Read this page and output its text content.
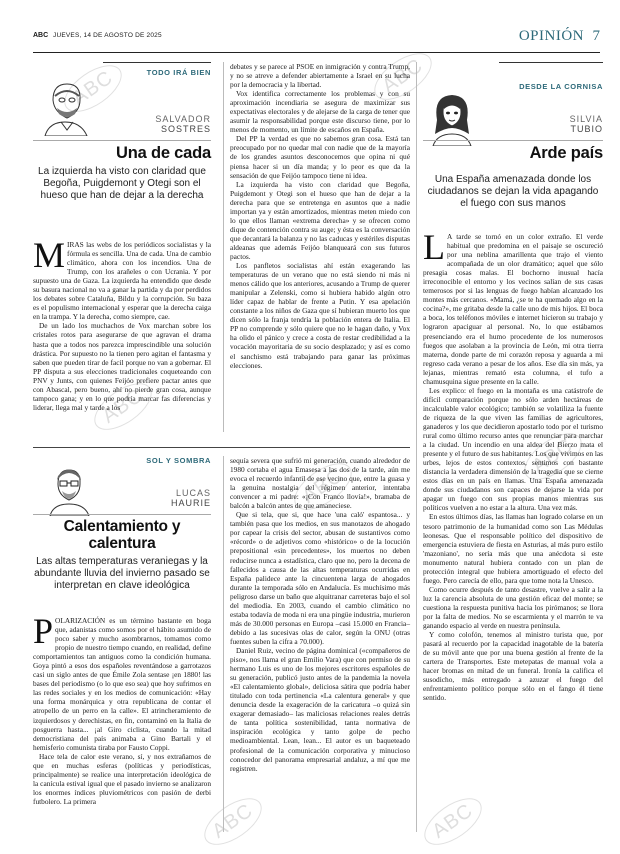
ABC	ABC
ABC
ABC
ABC
ABC	ABC
ABC JUEVES, 14 DE AGOSTO DE 2025	OPINIÓN 7
TODO IRÁ BIEN
SALVADOR
SOSTRES
Una de cada
La izquierda ha visto con claridad que Begoña, Puigdemont y Otegi son el hueso que han de dejar a la derecha

MIRAS las webs de los periódicos socialistas y la fórmula es sencilla. Una de cada. Una de cambio climático, ahora con los incendios. Una de Trump, con los arañeles o con Ucrania. Y por supuesto una de Gaza. La izquierda ha entendido que desde su basura nacional no va a ganar la partida y da por perdidos los debates sobre Cataluña, Bildu y la corrupción. Su baza es el populismo internacional y esperar que la derecha caiga en la trampa. Y la derecha, como siempre, cae.

De un lado los muchachos de Vox marchan sobre los cristales rotos para asegurarse de que agravan el drama hasta que a todos nos parezca imprescindible una solución drástica. Por supuesto no la tienen pero agitan el fantasma y saben que pueden tirar de facil porque no van a gobernar. El PP disputa a sus elecciones tradicionales coqueteando con PNV y Junts, con quienes Feijóo prefiere pactar antes que con Abascal, pero bueno, ahí no pierde gran cosa, aunque tampoco gana; y en lo que podría marcar fas diferencias y liderar, llega mal y tarde a los

debates y se parece al PSOE en inmigración y contra Trump, y no se atreve a defender abiertamente a Israel en su lucha por la democracia y la libertad.

Vox identifica correctamente los problemas y con su aproximación incendiaria se asegura de maximizar sus expectativas electorales y de alejarse de la carga de tener que asumir la responsabilidad porque este discurso tiene, por lo menos de momento, un límite de escaños en España.

Del PP la verdad es que no sabemos gran cosa. Está tan preocupado por no quedar mal con nadie que de la mayoría de los grandes asuntos desconocemos que opina ni qué piensa hacer si un día manda; y lo peor es que da la sensación de que Feijóo tampoco tiene ni idea.

La izquierda ha visto con claridad que Begoña, Puigdemont y Otegi son el hueso que han de dejar a la derecha para que se entretenga en asuntos que a nadie importan ya y están amortizados, mientras meten miedo con lo que ellos llaman «extrema derecha» y se ofrecen como dique de contención contra su auge; y ésta es la conversación que decantará la balanza y no las caducas y estériles disputas aldeanas que además Feijóo blanqueará con sus futuros pactos.

Los panfletos socialistas ahí están exagerando las temperaturas de un verano que no está siendo ni más ni menos cálido que los anteriores, acusando a Trump de querer manipular a Zelenski, como si hubiera habido algún otro líder capaz de hablar de frente a Putin. Y esa apelación constante a los niños de Gaza que sí hubieran muerto los que dicen sólo la franja tendría la población entera de Italia. El PP no comprende y sólo quiere que no le hagan daño, y Vox ha olido el pánico y crece a costa de restar credibilidad a la vocación mayoritaria de su socio desplazado; y así es como el sanchismo está trabajando para ganar las próximas elecciones.

SOL Y SOMBRA
LUCAS
HAURIE
Calentamiento y
calentura
Las altas temperaturas veraniegas y la abundante lluvia del invierno pasado se interpretan en clave ideológica

POLARIZACIÓN es un término bastante en boga que, adanistas como somos por el hábito asumido de poco saber y mucho asombrarnos, tomamos como propio de nuestro tiempo cuando, en realidad, define comportamientos tan antiguos como la condición humana. Goya pintó a esos dos españoles reventándose a garrotazos casi un siglo antes de que Émile Zola sentase ¡en 1880! las bases del periodismo (o lo que eso sea) que hoy sufrimos en las redes sociales y en los medios de comunicación: «Hay una forma monárquica y otra republicana de contar el atropello de un perro en la calle». El atrincheramiento de izquierdosos y derechistas, en fin, contaminó en la Italia de posguerra hasta... ¡al Giro ciclista, cuando la mitad democristiana del país animaba a Gino Bartali y el hemisferio comunista tiraba por Fausto Coppi.

Hace tela de calor este verano, sí, y nos extrañamos de que en muchas esferas (políticas y periodísticas, principalmente) se realice una interpretación ideológica de la canícula estival igual que el pasado invierno se analizaron los enormes índices pluviométricos con pasión de derbi futbolero. La primera

sequía severa que sufrió mi generación, cuando alrededor de 1980 cortaba el agua Emasesa a las dos de la tarde, aún me evoca el recuerdo infantil de ese vecino que, entre la guasa y la genuina nostalgia del régimen anterior, intentaba convencer a mi padre: «¡Con Franco llovía!», bramaba de balcón a balcón antes de que amaneciese.

Que si tela, que si, que hace 'una caló' espantosa... y también pasa que los medios, en sus manotazos de ahogado por capear la crisis del sector, abusan de sustantivos como «récord» o de adjetivos como «histórico» o de la locución prepositional «sin precedentes», los muertos no deben reducirse nunca a estadística, claro que no, pero la decena de fallecidos a causa de las altas temperaturas ocurridas en España palidece ante la cincuentena larga de ahogados durante la temporada sólo en Andalucía. Es muchísimo más peligroso darse un baño que alquitranar carreteras bajo el sol del mediodía. En 2003, cuando el cambio climático no estaba todavía de moda ni era una pingüe industria, murieron más de 30.000 personas en Europa –casi 15.000 en Francia– debido a las sucesivas olas de calor, según la ONU (otras fuentes suben la cifra a 70.000).

Daniel Ruiz, vecino de página dominical («compañeros de piso», nos llama el gran Emilio Vara) que con permiso de su hermano Luis es uno de los mejores escritores españoles de su generación, publicó justo antes de la pandemia la novela «El calentamiento global», deliciosa sátira que podría haber titulado con toda pertinencia «La calentura general» y que denuncia desde la exageración de la caricatura –o quizá sin exagerar demasiado– las maliciosas relaciones reales detrás de tanta política sostenibilidad, tanta normativa de inspiración ecológica y tanto golpe de pecho medioambiental. Lean, lean... El autor es un baqueteado profesional de la comunicación corporativa y minucioso conocedor del panorama empresarial andaluz, a mí que me registren.

DESDE LA CORNISA
SILVIA
TUBIO
Arde país
Una España amenazada donde los ciudadanos se dejan la vida apagando el fuego con sus manos

L A tarde se tornó en un color extraño. El verde habitual que predomina en el paisaje se oscureció por una neblina amarillenta que trajo el viento acompañada de un olor dramático; aquel que sólo presagia cosas malas. El bochorno inusual hacía irreconocible el entorno y los vecinos salían de sus casas temerosos por si las lenguas de fuego habían alcanzado los montes más cercanos. «Mamá, ¿se te ha quemado algo en la cocina?», me gritaba desde la calle uno de mis hijos. El boca a boca, los teléfonos móviles e internet hicieron su trabajo y lograron apaciguar al personal. No, lo que estábamos presenciando era el humo procedente de los numerosos fuegos que asolaban a la provincia de León, mi otra tierra materna, donde parte de mi corazón reposa y aguarda a mi regreso cada verano a pesar de los años. Ese día sin más, ya lejanas, mientras remató esta columna, el tufo a chamusquina sigue presente en la calle.

Les explico: el fuego en la montaña es una catástrofe de difícil comparación porque no sólo arden hectáreas de incalculable valor ecológico; también se volatiliza la fuente de riqueza de la que viven las familias de agricultores, ganaderos y los que decidieron apostarlo todo por el turismo rural como último recurso antes que renunciar para marchar a la ciudad. Un incendio en una aldea del Bierzo mata el presente y el futuro de sus habitantes. Los que vivimos en las urbes, lejos de estos contextos, sentimos con bastante distancia la verdadera dimensión de la tragedia que se cierne estos días en un país en llamas. Una España amenazada donde sus ciudadanos son capaces de dejarse la vida por apagar un fuego con sus propias manos mientras sus políticos vuelven a no estar a la altura. Una vez más.

En estos últimos días, las llamas han logrado colarse en un tesoro patrimonio de la humanidad como son Las Médulas leonesas. Que el responsable político del dispositivo de emergencia estuviera de fiesta en Asturias, al más puro estilo 'mazoniano', no sería más que una anécdota si este monumento natural hubiera contado con un plan de protección integral que hubiera amortiguado el efecto del fuego. Pero carecía de ello, para que tome nota la Unesco.

Como ocurre después de tanto desastre, vuelve a salir a la luz la carencia absoluta de una gestión eficaz del monte; se cuestiona la respuesta punitiva hacia los pirómanos; se llora por la falta de medios. No se escarmienta y el marrón te va ganando espacio al verde en nuestra península.

Y como colofón, tenemos al ministro turista que, por pasará al recuerdo por la capacidad inagotable de la batería de su móvil ante que por una buena gestión al frente de la cartera de Transportes. Este metepatas de manual vola a hacer bromas en mitad de un funeral. Ironía la califica el susodicho, más entregado a azuzar el fuego del enfrentamiento político porque sólo en el fango él tiene sentido.
